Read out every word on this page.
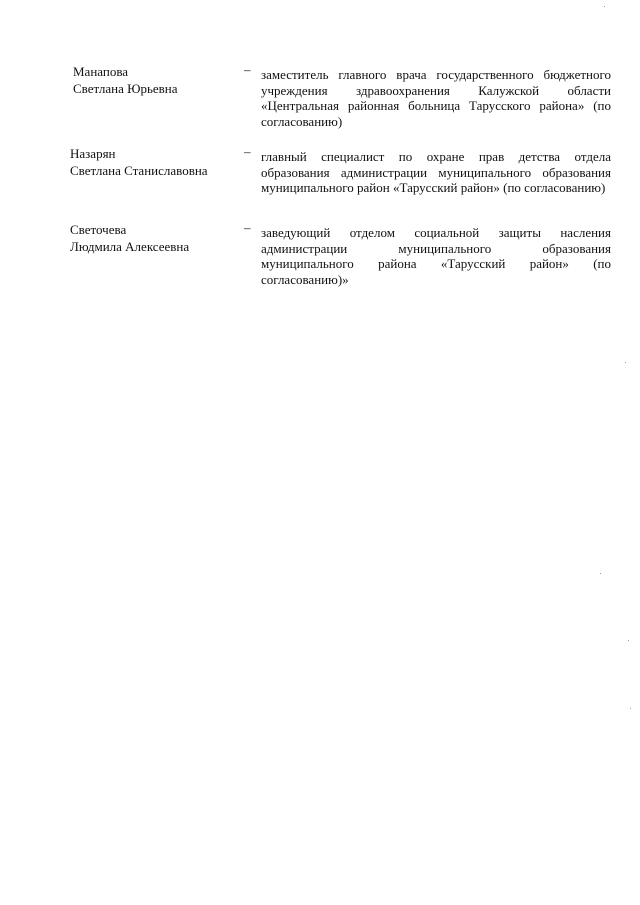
Манапова
Светлана Юрьевна
– заместитель главного врача государственного бюджетного учреждения здравоохранения Калужской области «Центральная районная больница Тарусского района» (по согласованию)
Назарян
Светлана Станиславовна
– главный специалист по охране прав детства отдела образования администрации муниципального образования муниципального район «Тарусский район» (по согласованию)
Светочева
Людмила Алексеевна
– заведующий отделом социальной защиты насления администрации муниципального образования муниципального района «Тарусский район» (по согласованию)»
